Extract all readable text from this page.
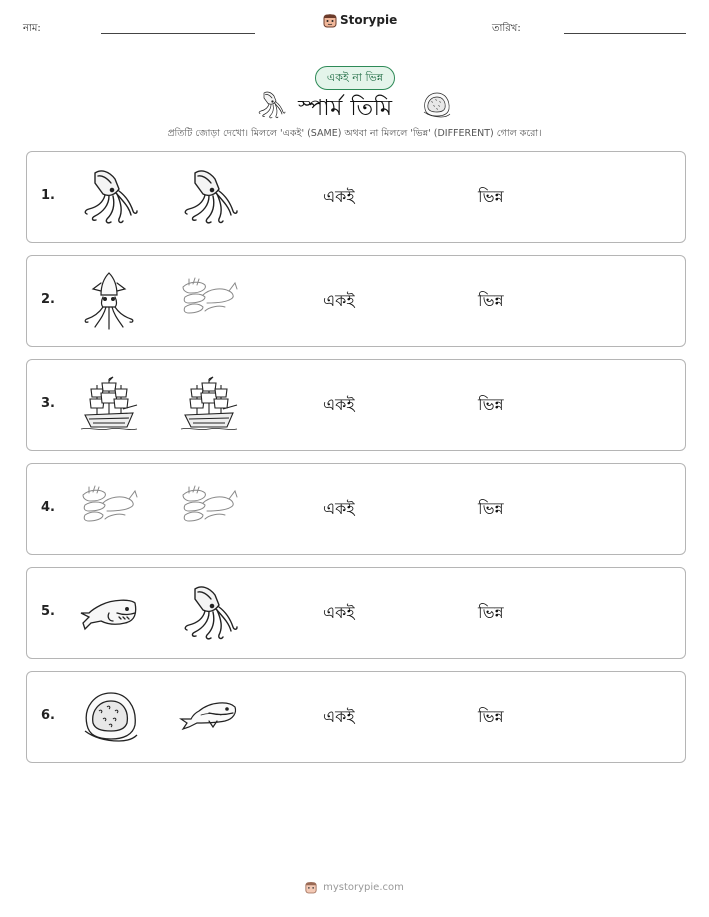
নাম:
Storypie
তারিখ:
একই না ভিন্ন
স্পার্ম তিমি
প্রতিটি জোড়া দেখো। মিললে 'একই' (SAME) অথবা না মিললে 'ভিন্ন' (DIFFERENT) গোল করো।
1.	একই	ভিন্ন
2.	একই	ভিন্ন
3.	একই	ভিন্ন
4.	একই	ভিন্ন
5.	একই	ভিন্ন
6.	একই	ভিন্ন
mystorypie.com
